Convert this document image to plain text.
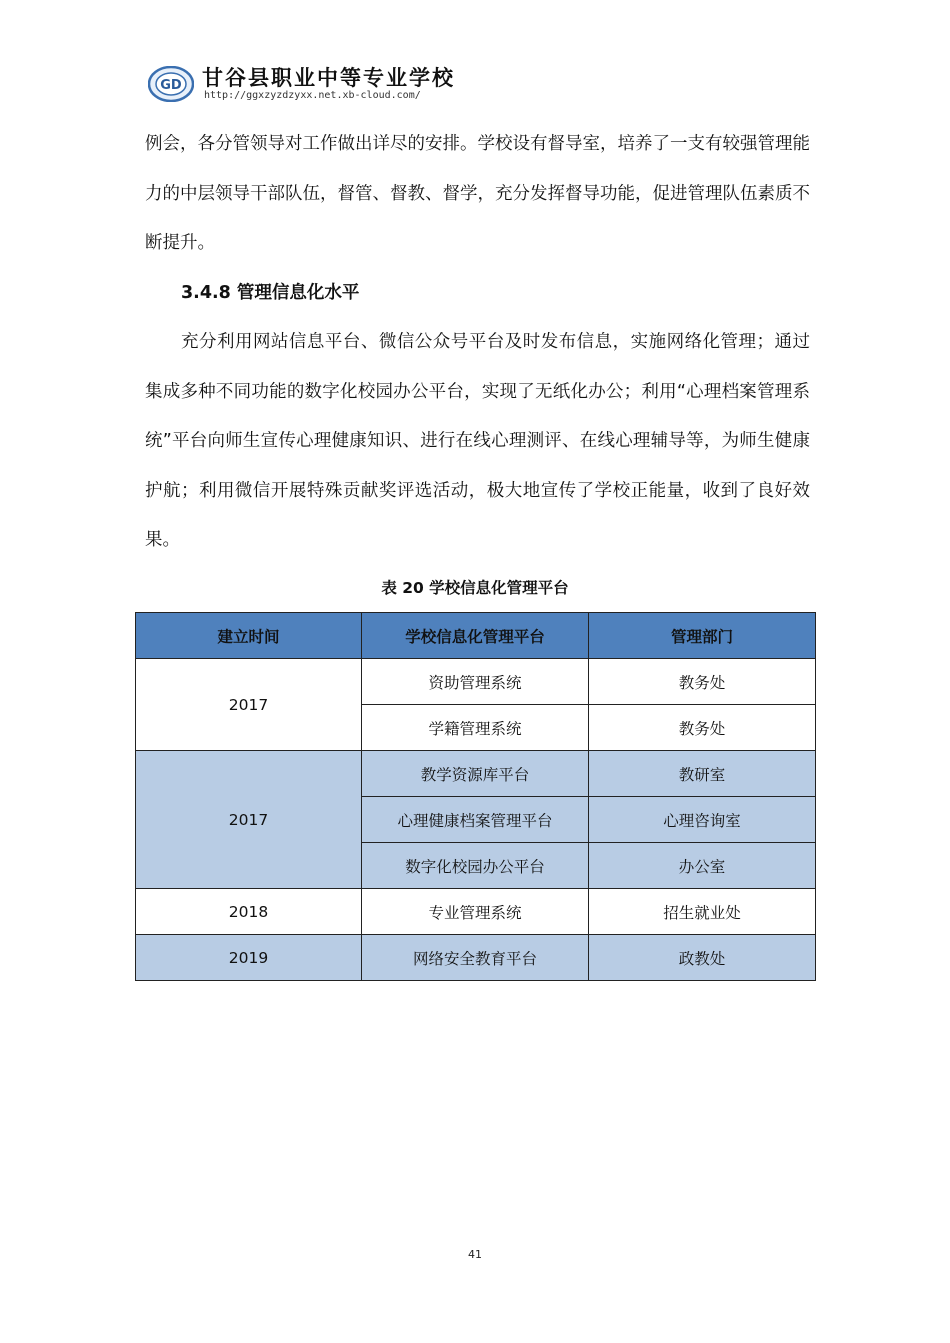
GD 甘谷县职业中等专业学校
http://ggxzyzdzyxx.net.xb-cloud.com/

例会，各分管领导对工作做出详尽的安排。学校设有督导室，培养了一支有较强管理能力的中层领导干部队伍，督管、督教、督学，充分发挥督导功能，促进管理队伍素质不断提升。

3.4.8 管理信息化水平

充分利用网站信息平台、微信公众号平台及时发布信息，实施网络化管理；通过集成多种不同功能的数字化校园办公平台，实现了无纸化办公；利用“心理档案管理系统”平台向师生宣传心理健康知识、进行在线心理测评、在线心理辅导等，为师生健康护航；利用微信开展特殊贡献奖评选活动，极大地宣传了学校正能量，收到了良好效果。

表 20 学校信息化管理平台
建立时间	学校信息化管理平台	管理部门
2017	资助管理系统	教务处
	学籍管理系统	教务处
2017	教学资源库平台	教研室
	心理健康档案管理平台	心理咨询室
	数字化校园办公平台	办公室
2018	专业管理系统	招生就业处
2019	网络安全教育平台	政教处
41
